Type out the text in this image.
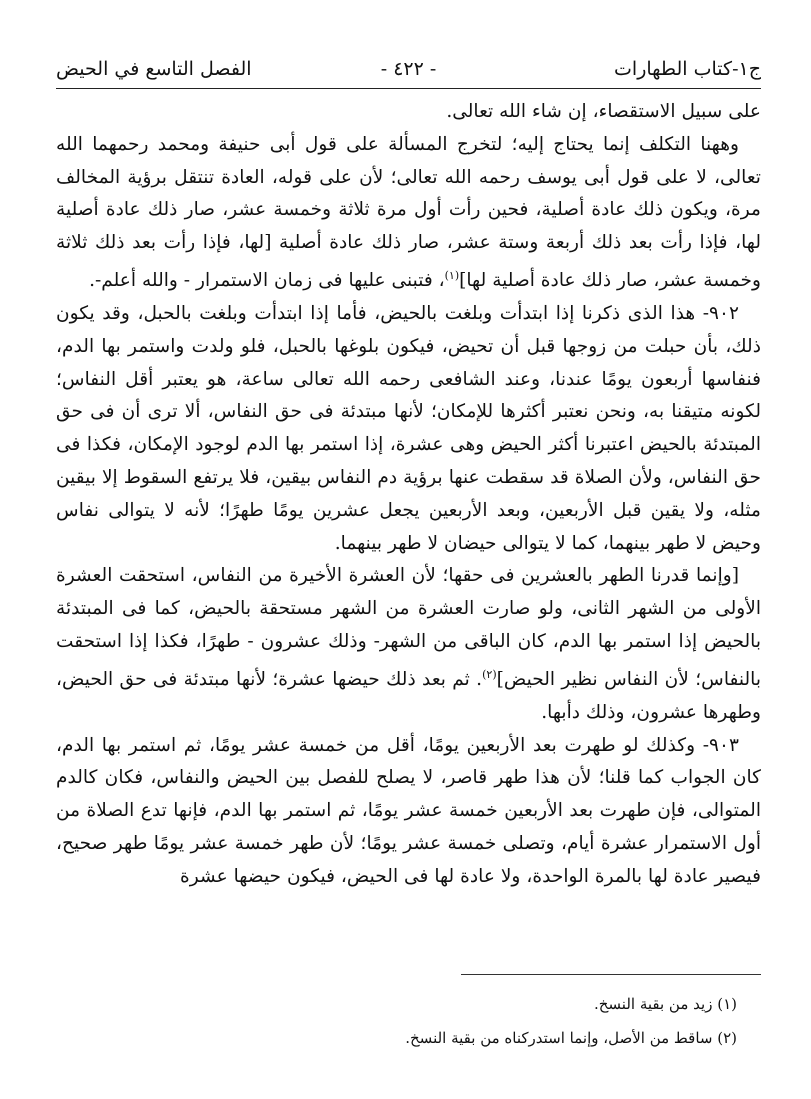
ج١-كتاب الطهارات
- ٤٢٢ -
الفصل التاسع في الحيض

على سبيل الاستقصاء، إن شاء الله تعالى.

وههنا التكلف إنما يحتاج إليه؛ لتخرج المسألة على قول أبى حنيفة ومحمد رحمهما الله تعالى، لا على قول أبى يوسف رحمه الله تعالى؛ لأن على قوله، العادة تنتقل برؤية المخالف مرة، ويكون ذلك عادة أصلية، فحين رأت أول مرة ثلاثة وخمسة عشر، صار ذلك عادة أصلية لها، فإذا رأت بعد ذلك أربعة وستة عشر، صار ذلك عادة أصلية [لها، فإذا رأت بعد ذلك ثلاثة وخمسة عشر، صار ذلك عادة أصلية لها]$^{(١)}$، فتبنى عليها فى زمان الاستمرار - والله أعلم-.

٩٠٢- هذا الذى ذكرنا إذا ابتدأت وبلغت بالحيض، فأما إذا ابتدأت وبلغت بالحبل، وقد يكون ذلك، بأن حبلت من زوجها قبل أن تحيض، فيكون بلوغها بالحبل، فلو ولدت واستمر بها الدم، فنفاسها أربعون يومًا عندنا، وعند الشافعى رحمه الله تعالى ساعة، هو يعتبر أقل النفاس؛ لكونه متيقنا به، ونحن نعتبر أكثرها للإمكان؛ لأنها مبتدئة فى حق النفاس، ألا ترى أن فى حق المبتدئة بالحيض اعتبرنا أكثر الحيض وهى عشرة، إذا استمر بها الدم لوجود الإمكان، فكذا فى حق النفاس، ولأن الصلاة قد سقطت عنها برؤية دم النفاس بيقين، فلا يرتفع السقوط إلا بيقين مثله، ولا يقين قبل الأربعين، وبعد الأربعين يجعل عشرين يومًا طهرًا؛ لأنه لا يتوالى نفاس وحيض لا طهر بينهما، كما لا يتوالى حيضان لا طهر بينهما.

[وإنما قدرنا الطهر بالعشرين فى حقها؛ لأن العشرة الأخيرة من النفاس، استحقت العشرة الأولى من الشهر الثانى، ولو صارت العشرة من الشهر مستحقة بالحيض، كما فى المبتدئة بالحيض إذا استمر بها الدم، كان الباقى من الشهر- وذلك عشرون - طهرًا، فكذا إذا استحقت بالنفاس؛ لأن النفاس نظير الحيض]$^{(٢)}$. ثم بعد ذلك حيضها عشرة؛ لأنها مبتدئة فى حق الحيض، وطهرها عشرون، وذلك دأبها.

٩٠٣- وكذلك لو طهرت بعد الأربعين يومًا، أقل من خمسة عشر يومًا، ثم استمر بها الدم، كان الجواب كما قلنا؛ لأن هذا طهر قاصر، لا يصلح للفصل بين الحيض والنفاس، فكان كالدم المتوالى، فإن طهرت بعد الأربعين خمسة عشر يومًا، ثم استمر بها الدم، فإنها تدع الصلاة من أول الاستمرار عشرة أيام، وتصلى خمسة عشر يومًا؛ لأن طهر خمسة عشر يومًا طهر صحيح، فيصير عادة لها بالمرة الواحدة، ولا عادة لها فى الحيض، فيكون حيضها عشرة

(١) زيد من بقية النسخ.

(٢) ساقط من الأصل، وإنما استدركناه من بقية النسخ.
